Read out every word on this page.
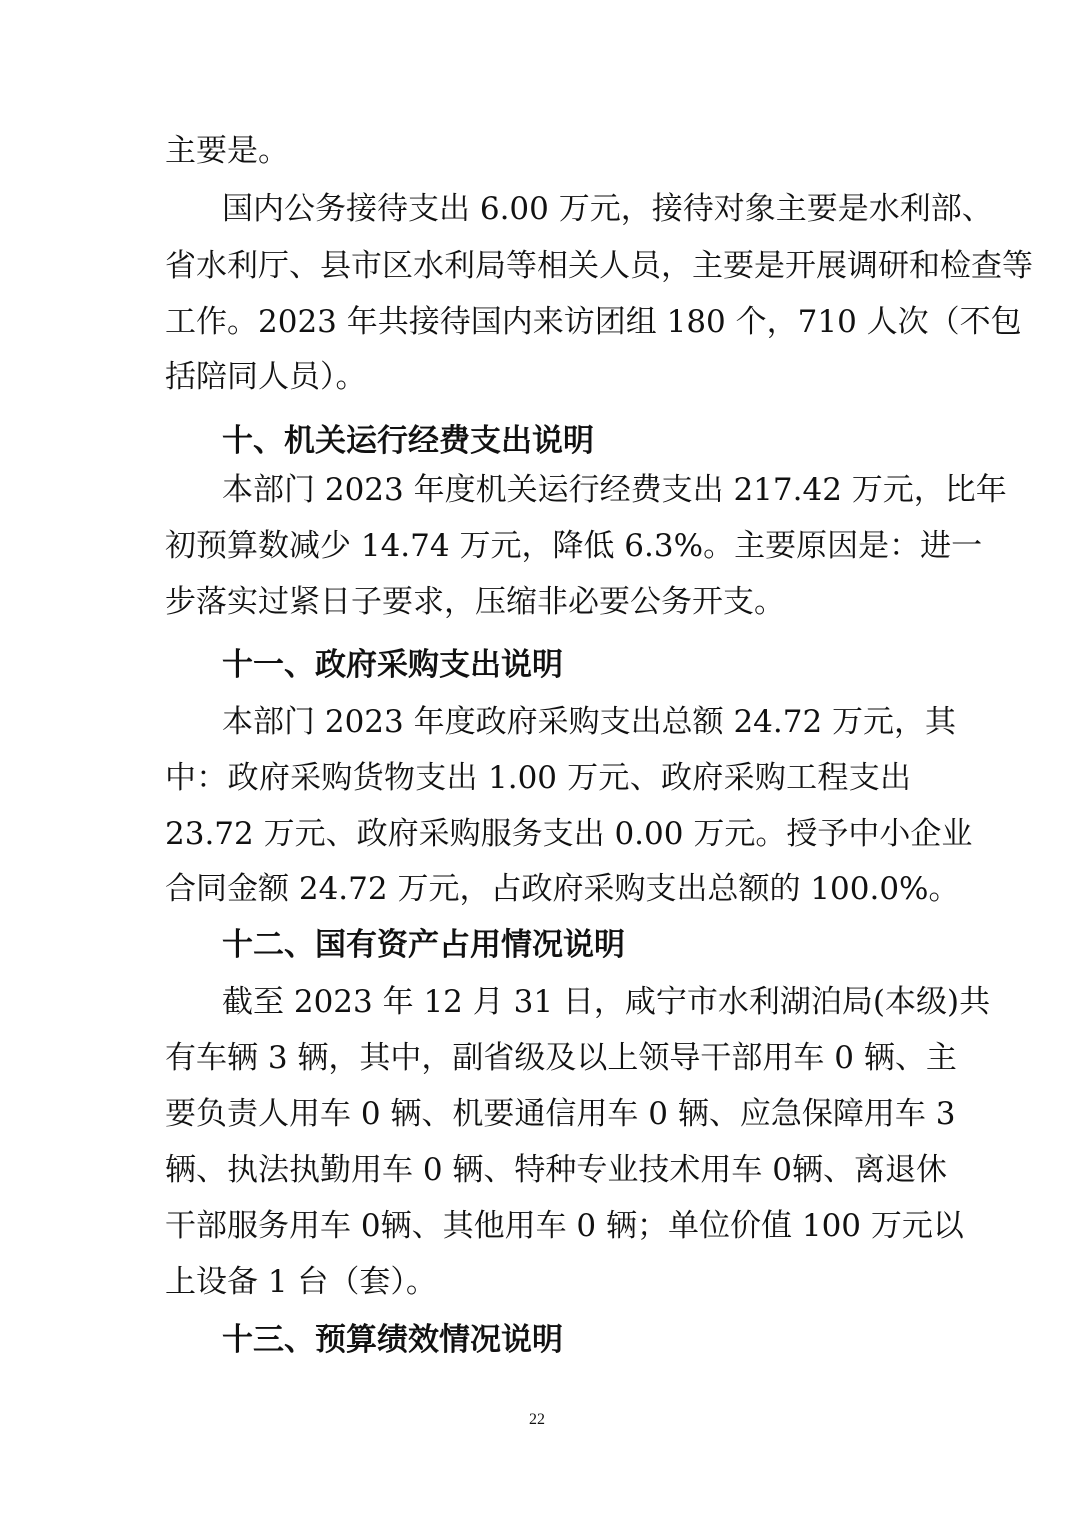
主要是。

国内公务接待支出 6.00 万元，接待对象主要是水利部、

省水利厅、县市区水利局等相关人员，主要是开展调研和检查等

工作。2023 年共接待国内来访团组 180 个，710 人次（不包

括陪同人员）。

十、机关运行经费支出说明

本部门 2023 年度机关运行经费支出 217.42 万元，比年

初预算数减少 14.74 万元，降低 6.3%。主要原因是：进一

步落实过紧日子要求，压缩非必要公务开支。

十一、政府采购支出说明

本部门 2023 年度政府采购支出总额 24.72 万元，其

中：政府采购货物支出 1.00 万元、政府采购工程支出

23.72 万元、政府采购服务支出 0.00 万元。授予中小企业

合同金额 24.72 万元，占政府采购支出总额的 100.0%。

十二、国有资产占用情况说明

截至 2023 年 12 月 31 日，咸宁市水利湖泊局(本级)共

有车辆 3 辆，其中，副省级及以上领导干部用车 0 辆、主

要负责人用车 0 辆、机要通信用车 0 辆、应急保障用车 3

辆、执法执勤用车 0 辆、特种专业技术用车 0辆、离退休

干部服务用车 0辆、其他用车 0 辆；单位价值 100 万元以

上设备 1 台（套）。

十三、预算绩效情况说明

22
